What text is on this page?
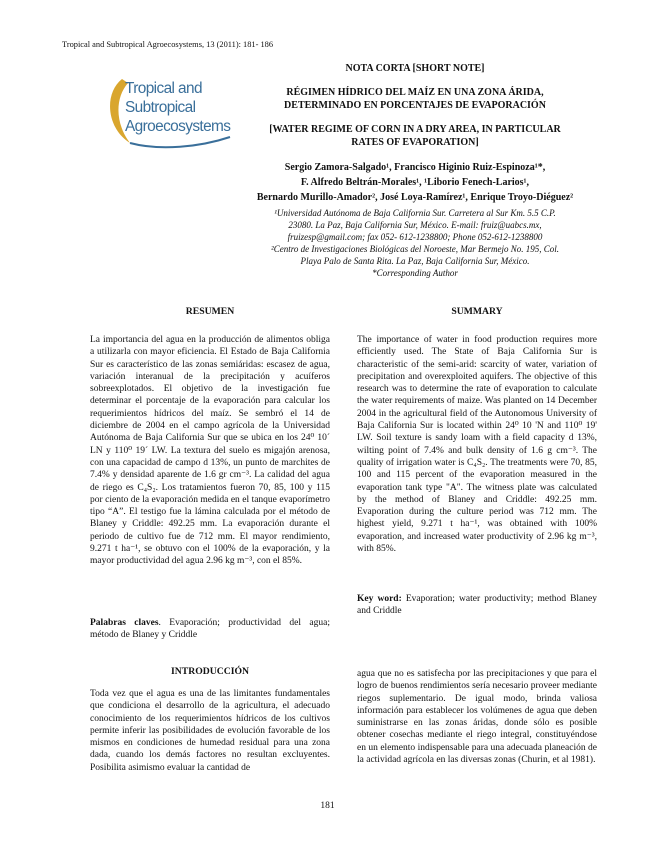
Tropical and Subtropical Agroecosystems, 13 (2011): 181- 186
Tropical and
Subtropical
Agroecosystems
NOTA CORTA [SHORT NOTE]
RÉGIMEN HÍDRICO DEL MAÍZ EN UNA ZONA ÁRIDA,
DETERMINADO EN PORCENTAJES DE EVAPORACIÓN
[WATER REGIME OF CORN IN A DRY AREA, IN PARTICULAR
RATES OF EVAPORATION]
Sergio Zamora-Salgado¹, Francisco Higinio Ruiz-Espinoza¹*,
F. Alfredo Beltrán-Morales¹, ¹Liborio Fenech-Larios¹,
Bernardo Murillo-Amador², José Loya-Ramírez¹, Enrique Troyo-Diéguez²
¹Universidad Autónoma de Baja California Sur. Carretera al Sur Km. 5.5 C.P.
23080. La Paz, Baja California Sur, México. E-mail: fruiz@uabcs.mx,
fruizesp@gmail.com; fax 052- 612-1238800; Phone 052-612-1238800
²Centro de Investigaciones Biológicas del Noroeste, Mar Bermejo No. 195, Col.
Playa Palo de Santa Rita. La Paz, Baja California Sur, México.
*Corresponding Author
RESUMEN	SUMMARY
La importancia del agua en la producción de alimentos obliga a utilizarla con mayor eficiencia. El Estado de Baja California Sur es característico de las zonas semiáridas: escasez de agua, variación interanual de la precipitación y acuíferos sobreexplotados. El objetivo de la investigación fue determinar el porcentaje de la evaporación para calcular los requerimientos hídricos del maíz. Se sembró el 14 de diciembre de 2004 en el campo agrícola de la Universidad Autónoma de Baja California Sur que se ubica en los 24⁰ 10´ LN y 110⁰ 19´ LW. La textura del suelo es migajón arenosa, con una capacidad de campo d 13%, un punto de marchites de 7.4% y densidad aparente de 1.6 gr cm⁻³. La calidad del agua de riego es C₄S₂. Los tratamientos fueron 70, 85, 100 y 115 por ciento de la evaporación medida en el tanque evaporímetro tipo “A”. El testigo fue la lámina calculada por el método de Blaney y Criddle: 492.25 mm. La evaporación durante el periodo de cultivo fue de 712 mm. El mayor rendimiento, 9.271 t ha⁻¹, se obtuvo con el 100% de la evaporación, y la mayor productividad del agua 2.96 kg m⁻³, con el 85%.
Palabras claves. Evaporación; productividad del agua; método de Blaney y Criddle
The importance of water in food production requires more efficiently used. The State of Baja California Sur is characteristic of the semi-arid: scarcity of water, variation of precipitation and overexploited aquifers. The objective of this research was to determine the rate of evaporation to calculate the water requirements of maize. Was planted on 14 December 2004 in the agricultural field of the Autonomous University of Baja California Sur is located within 24⁰ 10 'N and 110⁰ 19' LW. Soil texture is sandy loam with a field capacity d 13%, wilting point of 7.4% and bulk density of 1.6 g cm⁻³. The quality of irrigation water is C₄S₂. The treatments were 70, 85, 100 and 115 percent of the evaporation measured in the evaporation tank type "A". The witness plate was calculated by the method of Blaney and Criddle: 492.25 mm. Evaporation during the culture period was 712 mm. The highest yield, 9.271 t ha⁻¹, was obtained with 100% evaporation, and increased water productivity of 2.96 kg m⁻³, with 85%.
Key word: Evaporation; water productivity; method Blaney and Criddle
INTRODUCCIÓN
Toda vez que el agua es una de las limitantes fundamentales que condiciona el desarrollo de la agricultura, el adecuado conocimiento de los requerimientos hídricos de los cultivos permite inferir las posibilidades de evolución favorable de los mismos en condiciones de humedad residual para una zona dada, cuando los demás factores no resultan excluyentes. Posibilita asimismo evaluar la cantidad de
agua que no es satisfecha por las precipitaciones y que para el logro de buenos rendimientos sería necesario proveer mediante riegos suplementario. De igual modo, brinda valiosa información para establecer los volúmenes de agua que deben suministrarse en las zonas áridas, donde sólo es posible obtener cosechas mediante el riego integral, constituyéndose en un elemento indispensable para una adecuada planeación de la actividad agrícola en las diversas zonas (Churin, et al 1981).
181
